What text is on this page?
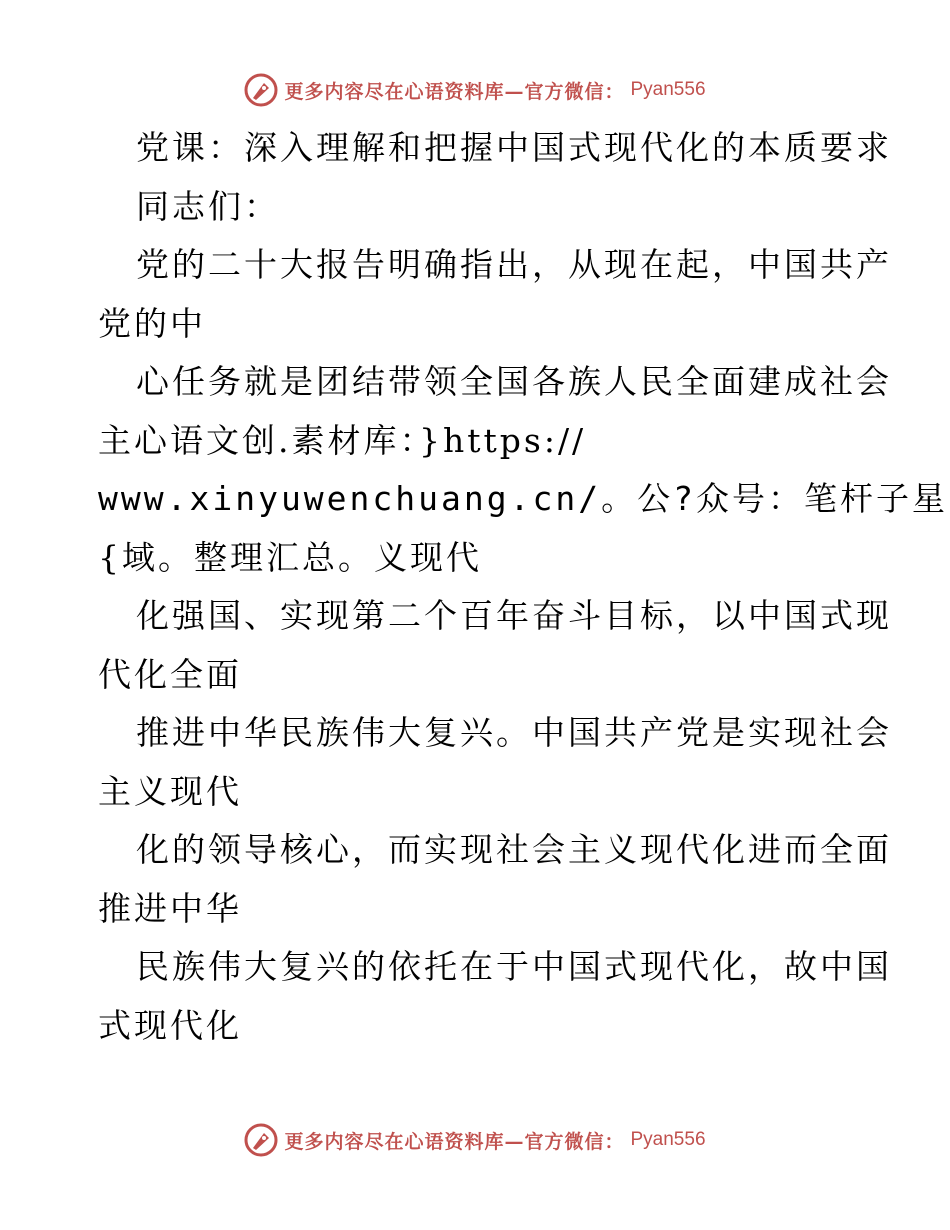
更多内容尽在心语资料库—官方微信： Pyan556
党课：深入理解和把握中国式现代化的本质要求
同志们：
党的二十大报告明确指出，从现在起，中国共产
党的中
心任务就是团结带领全国各族人民全面建成社会
主心语文创.素材库：}https://
www.xinyuwenchuang.cn/。公?众号：笔杆子星
{域。整理汇总。义现代
化强国、实现第二个百年奋斗目标，以中国式现
代化全面
推进中华民族伟大复兴。中国共产党是实现社会
主义现代
化的领导核心，而实现社会主义现代化进而全面
推进中华
民族伟大复兴的依托在于中国式现代化，故中国
式现代化
更多内容尽在心语资料库—官方微信： Pyan556
